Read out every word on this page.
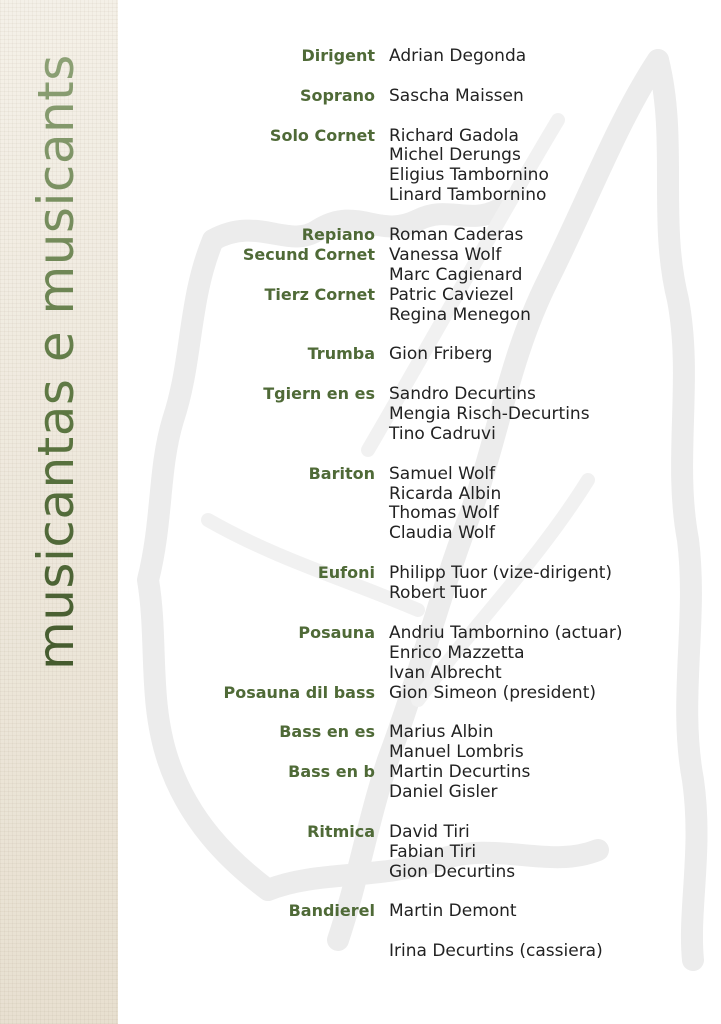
musicantas e musicants	Dirigent Adrian Degonda
Soprano Sascha Maissen
Solo Cornet Richard Gadola
Michel Derungs
Eligius Tambornino
Linard Tambornino
Repiano Roman Caderas
Secund Cornet Vanessa Wolf
Marc Cagienard
Tierz Cornet Patric Caviezel
Regina Menegon
Trumba Gion Friberg
Tgiern en es Sandro Decurtins
Mengia Risch-Decurtins
Tino Cadruvi
Bariton Samuel Wolf
Ricarda Albin
Thomas Wolf
Claudia Wolf
Eufoni Philipp Tuor (vize-dirigent)
Robert Tuor
Posauna Andriu Tambornino (actuar)
Enrico Mazzetta
Ivan Albrecht
Posauna dil bass Gion Simeon (president)
Bass en es Marius Albin
Manuel Lombris
Bass en b Martin Decurtins
Daniel Gisler
Ritmica David Tiri
Fabian Tiri
Gion Decurtins
Bandierel Martin Demont
Irina Decurtins (cassiera)
